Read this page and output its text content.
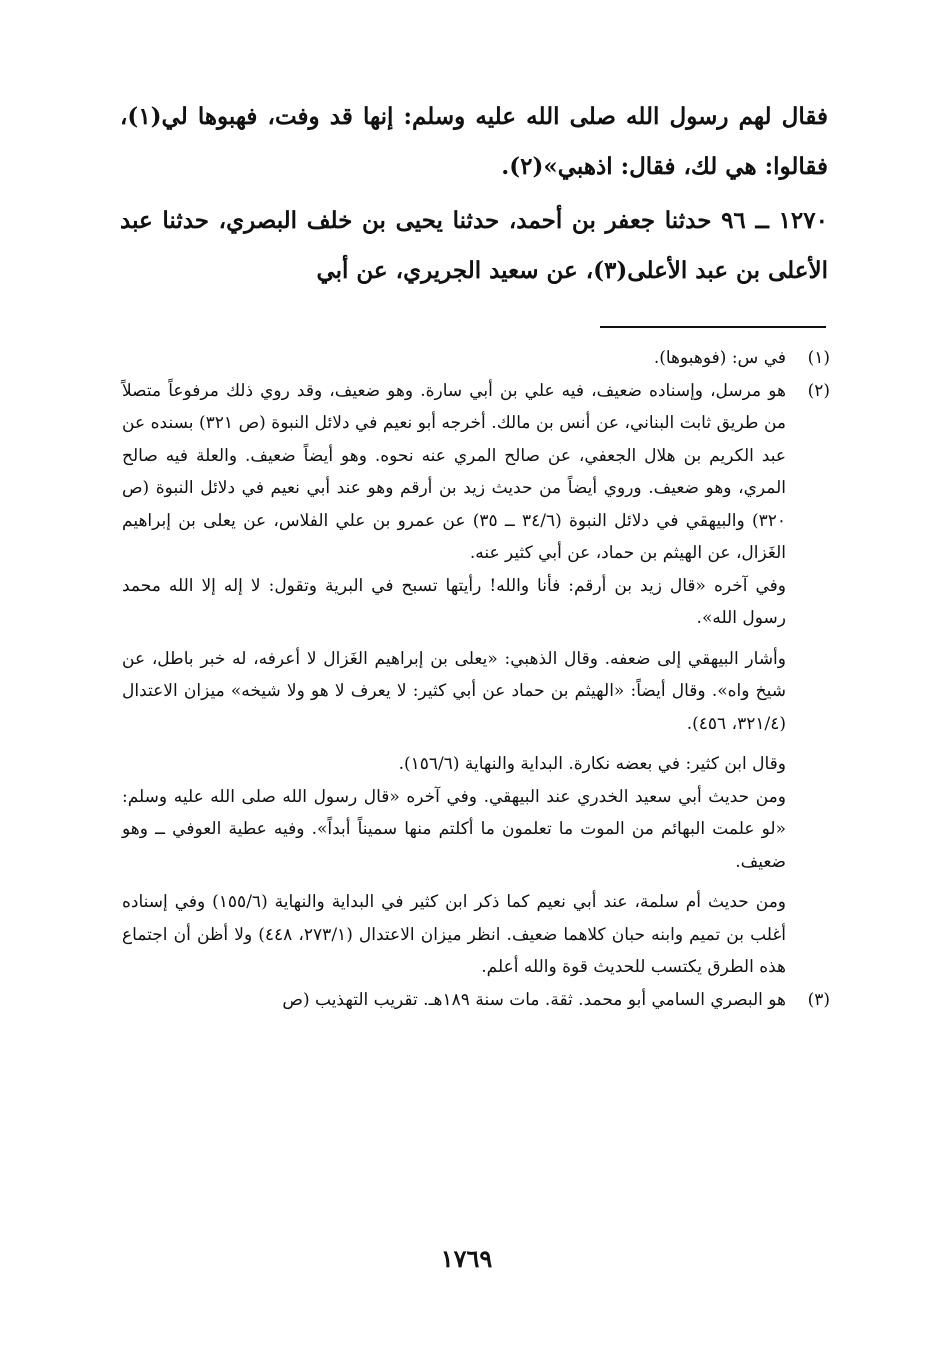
فقال لهم رسول الله صلى الله عليه وسلم: إنها قد وفت، فهبوها لي(١)، فقالوا: هي لك، فقال: اذهبي»(٢).

١٢٧٠ ــ ٩٦ حدثنا جعفر بن أحمد، حدثنا يحيى بن خلف البصري، حدثنا عبد الأعلى بن عبد الأعلى(٣)، عن سعيد الجريري، عن أبي

(١)

في س: (فوهبوها).

(٢)

هو مرسل، وإسناده ضعيف، فيه علي بن أبي سارة. وهو ضعيف، وقد روي ذلك مرفوعاً متصلاً من طريق ثابت البناني، عن أنس بن مالك. أخرجه أبو نعيم في دلائل النبوة (ص ٣٢١) بسنده عن عبد الكريم بن هلال الجعفي، عن صالح المري عنه نحوه. وهو أيضاً ضعيف. والعلة فيه صالح المري، وهو ضعيف. وروي أيضاً من حديث زيد بن أرقم وهو عند أبي نعيم في دلائل النبوة (ص ٣٢٠) والبيهقي في دلائل النبوة (٣٤/٦ ــ ٣٥) عن عمرو بن علي الفلاس، عن يعلى بن إبراهيم الغَزال، عن الهيثم بن حماد، عن أبي كثير عنه.

وفي آخره «قال زيد بن أرقم: فأنا والله! رأيتها تسبح في البرية وتقول: لا إله إلا الله محمد رسول الله».

وأشار البيهقي إلى ضعفه. وقال الذهبي: «يعلى بن إبراهيم الغَزال لا أعرفه، له خبر باطل، عن شيخ واه». وقال أيضاً: «الهيثم بن حماد عن أبي كثير: لا يعرف لا هو ولا شيخه» ميزان الاعتدال (٣٢١/٤، ٤٥٦).

وقال ابن كثير: في بعضه نكارة. البداية والنهاية (١٥٦/٦).

ومن حديث أبي سعيد الخدري عند البيهقي. وفي آخره «قال رسول الله صلى الله عليه وسلم: «لو علمت البهائم من الموت ما تعلمون ما أكلتم منها سميناً أبداً». وفيه عطية العوفي ــ وهو ضعيف.

ومن حديث أم سلمة، عند أبي نعيم كما ذكر ابن كثير في البداية والنهاية (١٥٥/٦) وفي إسناده أغلب بن تميم وابنه حبان كلاهما ضعيف. انظر ميزان الاعتدال (٢٧٣/١، ٤٤٨) ولا أظن أن اجتماع هذه الطرق يكتسب للحديث قوة والله أعلم.

(٣)

هو البصري السامي أبو محمد. ثقة. مات سنة ١٨٩هـ. تقريب التهذيب (ص

١٧٦٩
